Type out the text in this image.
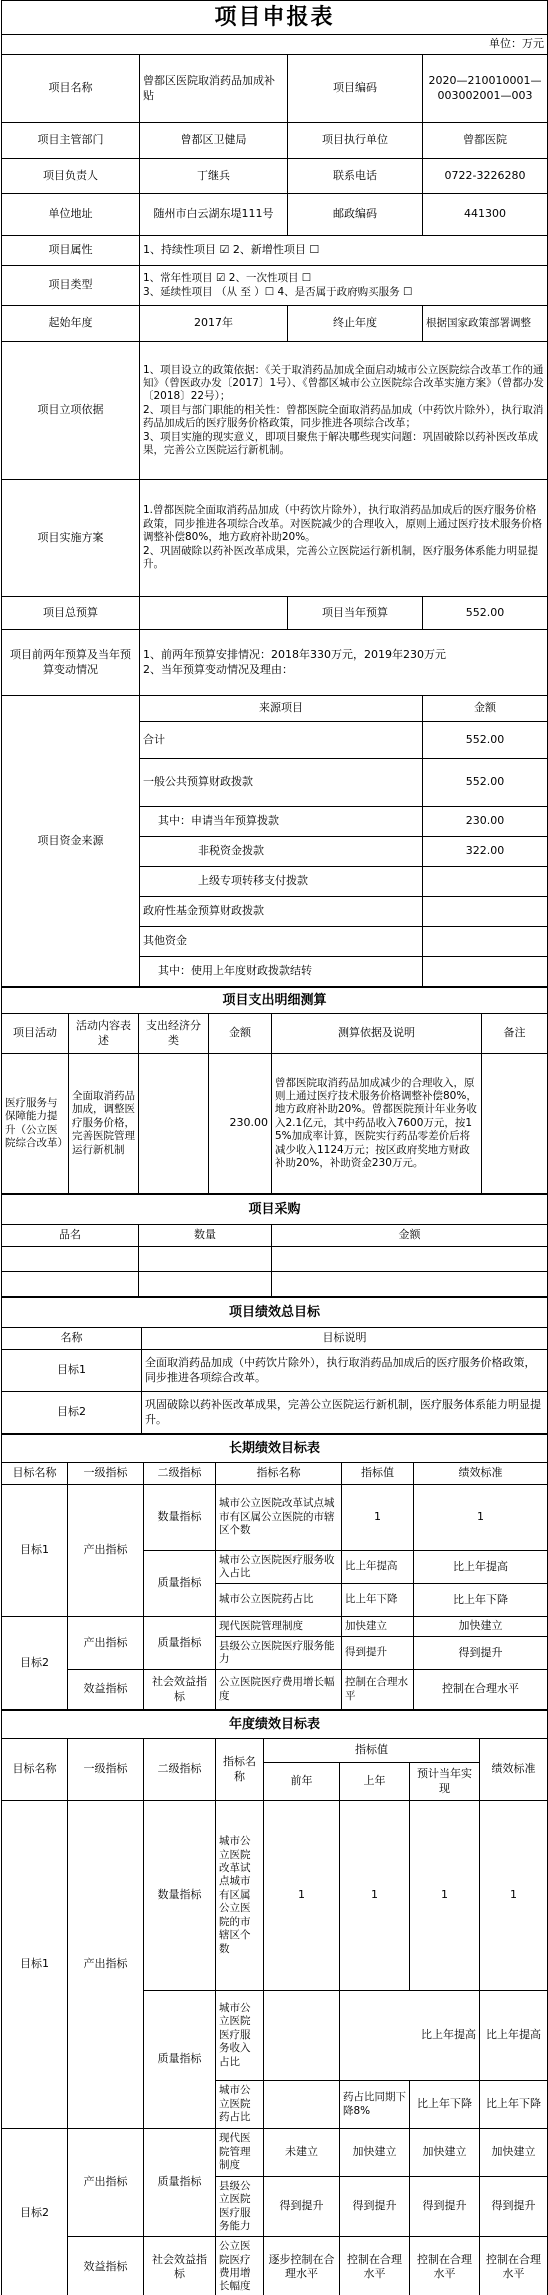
项目申报表			
单位：万元			
项目名称	曾都区医院取消药品加成补贴	项目编码	2020—210010001—003002001—003
项目主管部门	曾都区卫健局	项目执行单位	曾都医院
项目负责人	丁继兵	联系电话	0722-3226280
单位地址	随州市白云湖东堤111号	邮政编码	441300
项目属性	1、持续性项目 ☑ 2、新增性项目 ☐		
项目类型	1、常年性项目 ☑ 2、一次性项目 ☐
3、延续性项目 （从 至 ）☐ 4、是否属于政府购买服务 ☐		

起始年度	2017年	终止年度	根据国家政策部署调整
项目立项依据	1、项目设立的政策依据：《关于取消药品加成全面启动城市公立医院综合改革工作的通知》（曾医政办发〔2017〕1号）、《曾都区城市公立医院综合改革实施方案》（曾都办发〔2018〕22号）；
2、项目与部门职能的相关性：曾都医院全面取消药品加成（中药饮片除外），执行取消药品加成后的医疗服务价格政策，同步推进各项综合改革；
3、项目实施的现实意义，即项目聚焦于解决哪些现实问题：巩固破除以药补医改革成果，完善公立医院运行新机制。		
项目实施方案	1.曾都医院全面取消药品加成（中药饮片除外），执行取消药品加成后的医疗服务价格政策，同步推进各项综合改革。对医院减少的合理收入，原则上通过医疗技术服务价格调整补偿80%，地方政府补助20%。
2、巩固破除以药补医改革成果，完善公立医院运行新机制，医疗服务体系能力明显提升。		
项目总预算		项目当年预算	552.00
项目前两年预算及当年预算变动情况	1、前两年预算安排情况：2018年330万元，2019年230万元
2、当年预算变动情况及理由：		
项目资金来源	来源项目		金额
	合计		552.00
	一般公共预算财政拨款		552.00
	其中：申请当年预算拨款		230.00
	非税资金拨款		322.00
	上级专项转移支付拨款		
	政府性基金预算财政拨款		
	其他资金		
	其中：使用上年度财政拨款结转		
项目支出明细测算					
项目活动	活动内容表述	支出经济分类	金额	测算依据及说明	备注
医疗服务与保障能力提升（公立医院综合改革）	全面取消药品加成，调整医疗服务价格，完善医院管理运行新机制		230.00	曾都医院取消药品加成减少的合理收入，原则上通过医疗技术服务价格调整补偿80%，地方政府补助20%。曾都医院预计年业务收入2.1亿元，其中药品收入7600万元，按15%加成率计算，医院实行药品零差价后将减少收入1124万元；按区政府奖地方财政补助20%，补助资金230万元。	
项目采购		
品名	数量	金额

项目绩效总目标	
名称	目标说明
目标1	全面取消药品加成（中药饮片除外），执行取消药品加成后的医疗服务价格政策，同步推进各项综合改革。
目标2	巩固破除以药补医改革成果，完善公立医院运行新机制，医疗服务体系能力明显提升。
长期绩效目标表					
目标名称	一级指标	二级指标	指标名称	指标值	绩效标准
目标1	产出指标	数量指标	城市公立医院改革试点城市有区属公立医院的市辖区个数	1	1
		质量指标	城市公立医院医疗服务收入占比	比上年提高	比上年提高
			城市公立医院药占比	比上年下降	比上年下降
目标2	产出指标	质量指标	现代医院管理制度	加快建立	加快建立
			县级公立医院医疗服务能力	得到提升	得到提升
	效益指标	社会效益指标	公立医院医疗费用增长幅度	控制在合理水平	控制在合理水平
年度绩效目标表							
目标名称	一级指标	二级指标	指标名称	指标值			绩效标准
				前年	上年	预计当年实现	
目标1	产出指标	数量指标	城市公立医院改革试点城市有区属公立医院的市辖区个数	1	1	1	1
		质量指标	城市公立医院医疗服务收入占比		比上年提高		比上年提高
			城市公立医院药占比		药占比同期下降8%	比上年下降	比上年下降
目标2	产出指标	质量指标	现代医院管理制度	未建立	加快建立	加快建立	加快建立
			县级公立医院医疗服务能力	得到提升	得到提升	得到提升	得到提升
	效益指标	社会效益指标	公立医院医疗费用增长幅度	逐步控制在合理水平	控制在合理水平	控制在合理水平	控制在合理水平
